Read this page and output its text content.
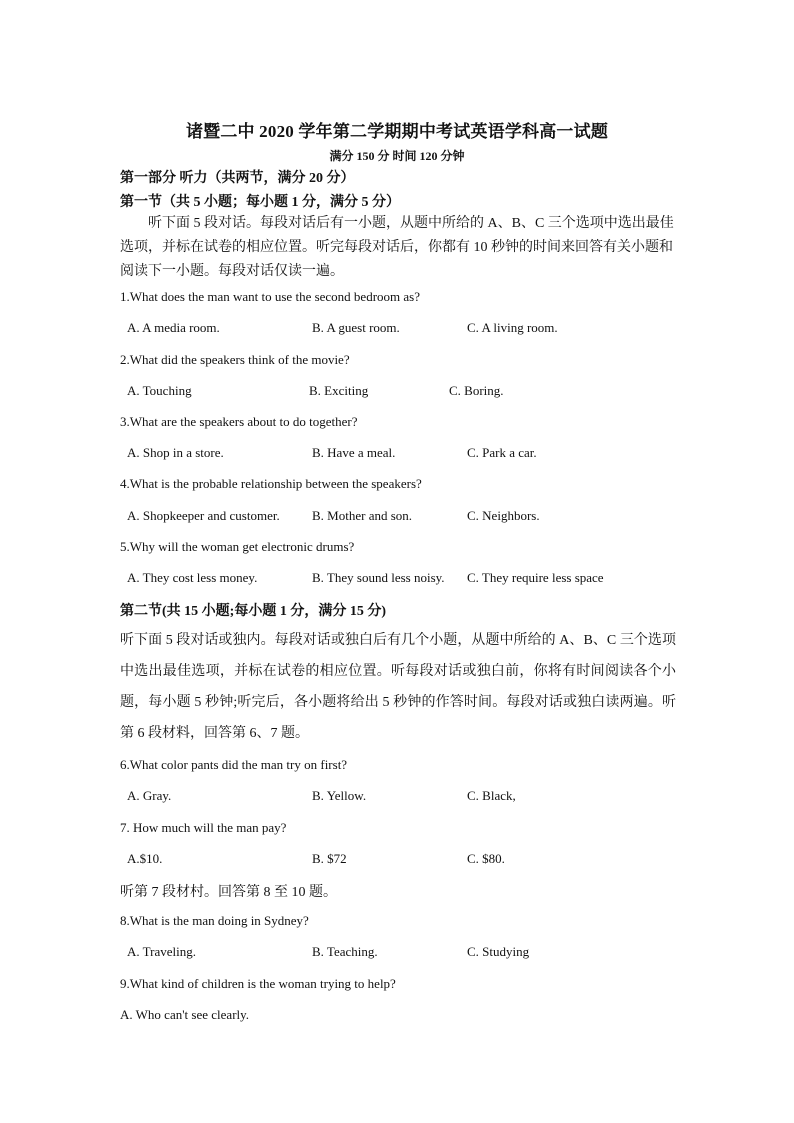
诸暨二中 2020 学年第二学期期中考试英语学科高一试题
满分 150 分 时间 120 分钟
第一部分 听力（共两节，满分 20 分）
第一节（共 5 小题；每小题 1 分，满分 5 分）
听下面 5 段对话。每段对话后有一小题，从题中所给的 A、B、C 三个选项中选出最佳选项，并标在试卷的相应位置。听完每段对话后，你都有 10 秒钟的时间来回答有关小题和阅读下一小题。每段对话仅读一遍。
1.What does the man want to use the second bedroom as?
A. A media room.	B. A guest room.	C. A living room.
2.What did the speakers think of the movie?
A. Touching	B. Exciting	C. Boring.
3.What are the speakers about to do together?
A. Shop in a store.	B. Have a meal.	C. Park a car.
4.What is the probable relationship between the speakers?
A. Shopkeeper and customer. B. Mother and son.	C. Neighbors.
5.Why will the woman get electronic drums?
A. They cost less money.	B. They sound less noisy. C. They require less space
第二节(共 15 小题;每小题 1 分，满分 15 分)
听下面 5 段对话或独内。每段对话或独白后有几个小题，从题中所给的 A、B、C 三个选项中选出最佳选项，并标在试卷的相应位置。听每段对话或独白前，你将有时间阅读各个小题，每小题 5 秒钟;听完后，各小题将给出 5 秒钟的作答时间。每段对话或独白读两遍。听第 6 段材料，回答第 6、7 题。
6.What color pants did the man try on first?
A. Gray.	B. Yellow.	C. Black,
7. How much will the man pay?
A.$10.	B. $72	C. $80.
听第 7 段材村。回答第 8 至 10 题。
8.What is the man doing in Sydney?
A. Traveling.	B. Teaching.	C. Studying
9.What kind of children is the woman trying to help?
A. Who can't see clearly.
